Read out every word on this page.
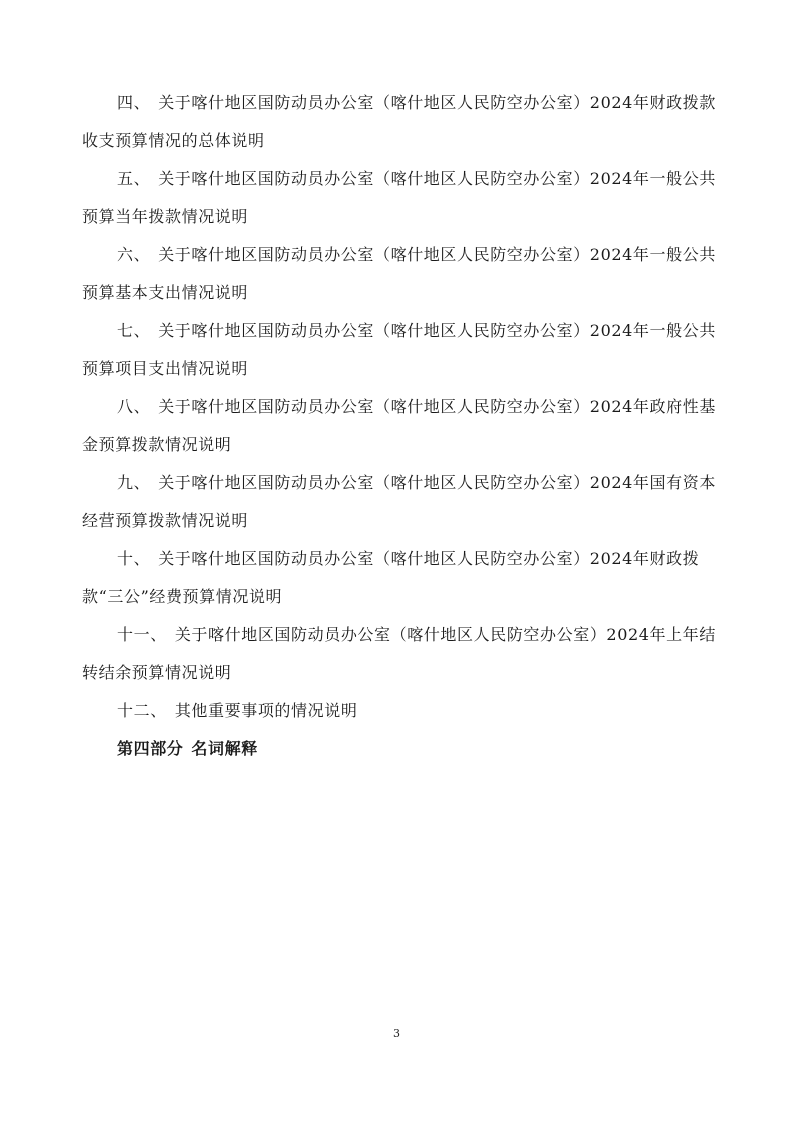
四、 关于喀什地区国防动员办公室（喀什地区人民防空办公室）2024年财政拨款收支预算情况的总体说明

五、 关于喀什地区国防动员办公室（喀什地区人民防空办公室）2024年一般公共预算当年拨款情况说明

六、 关于喀什地区国防动员办公室（喀什地区人民防空办公室）2024年一般公共预算基本支出情况说明

七、 关于喀什地区国防动员办公室（喀什地区人民防空办公室）2024年一般公共预算项目支出情况说明

八、 关于喀什地区国防动员办公室（喀什地区人民防空办公室）2024年政府性基金预算拨款情况说明

九、 关于喀什地区国防动员办公室（喀什地区人民防空办公室）2024年国有资本经营预算拨款情况说明

十、 关于喀什地区国防动员办公室（喀什地区人民防空办公室）2024年财政拨款“三公”经费预算情况说明

十一、 关于喀什地区国防动员办公室（喀什地区人民防空办公室）2024年上年结转结余预算情况说明

十二、 其他重要事项的情况说明

第四部分 名词解释

3
